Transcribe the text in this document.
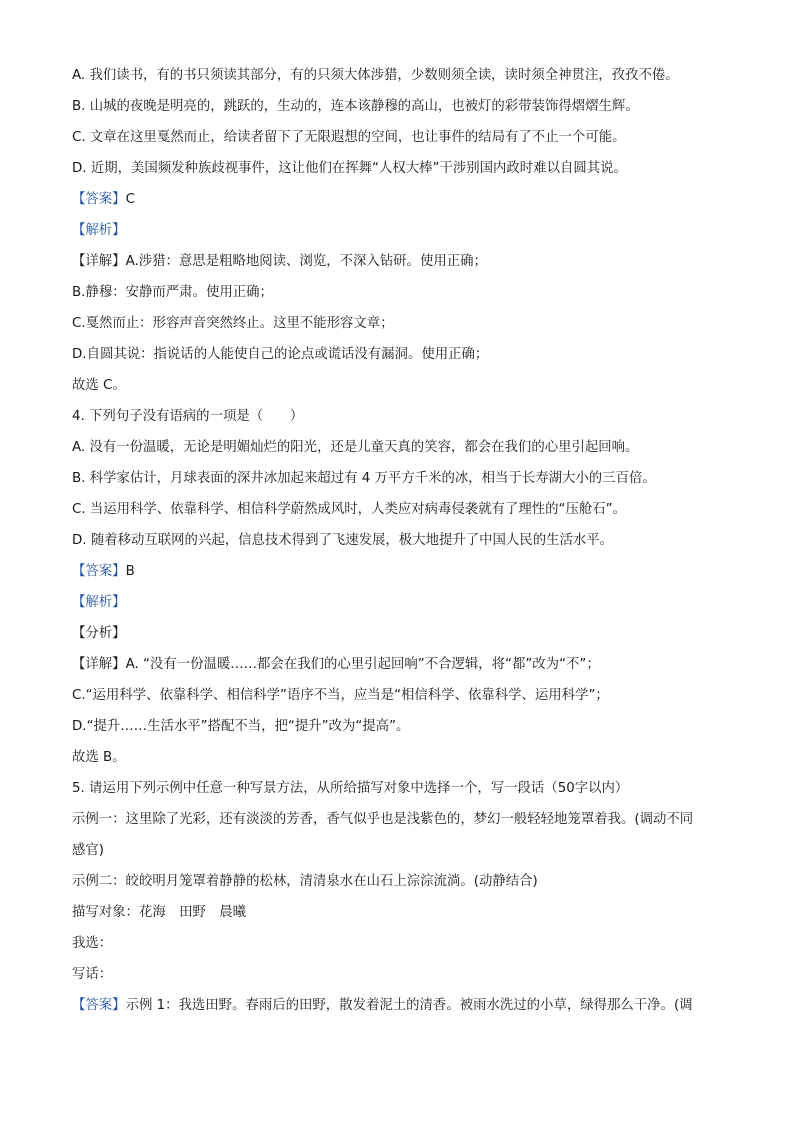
A. 我们读书，有的书只须读其部分，有的只须大体涉猎，少数则须全读，读时须全神贯注，孜孜不倦。
B. 山城的夜晚是明亮的，跳跃的，生动的，连本该静穆的高山，也被灯的彩带装饰得熠熠生辉。
C. 文章在这里戛然而止，给读者留下了无限遐想的空间，也让事件的结局有了不止一个可能。
D. 近期，美国频发种族歧视事件，这让他们在挥舞“人权大棒”干涉别国内政时难以自圆其说。
【答案】C
【解析】
【详解】A.涉猎：意思是粗略地阅读、浏览，不深入钻研。使用正确；
B.静穆：安静而严肃。使用正确；
C.戛然而止：形容声音突然终止。这里不能形容文章；
D.自圆其说：指说话的人能使自己的论点或谎话没有漏洞。使用正确；
故选 C。
4. 下列句子没有语病的一项是（　　）
A. 没有一份温暖，无论是明媚灿烂的阳光，还是儿童天真的笑容，都会在我们的心里引起回响。
B. 科学家估计，月球表面的深井冰加起来超过有 4 万平方千米的冰，相当于长寿湖大小的三百倍。
C. 当运用科学、依靠科学、相信科学蔚然成风时，人类应对病毒侵袭就有了理性的“压舱石”。
D. 随着移动互联网的兴起，信息技术得到了飞速发展，极大地提升了中国人民的生活水平。
【答案】B
【解析】
【分析】
【详解】A. “没有一份温暖……都会在我们的心里引起回响”不合逻辑，将“都”改为“不”；
C.“运用科学、依靠科学、相信科学”语序不当，应当是“相信科学、依靠科学、运用科学”；
D.“提升……生活水平”搭配不当，把“提升”改为“提高”。
故选 B。
5. 请运用下列示例中任意一种写景方法，从所给描写对象中选择一个，写一段话（50字以内）
示例一：这里除了光彩，还有淡淡的芳香，香气似乎也是浅紫色的，梦幻一般轻轻地笼罩着我。(调动不同
感官)
示例二：皎皎明月笼罩着静静的松林，清清泉水在山石上淙淙流淌。(动静结合)
描写对象：花海　田野　晨曦
我选：
写话：
【答案】示例 1：我选田野。春雨后的田野，散发着泥土的清香。被雨水洗过的小草，绿得那么干净。(调
